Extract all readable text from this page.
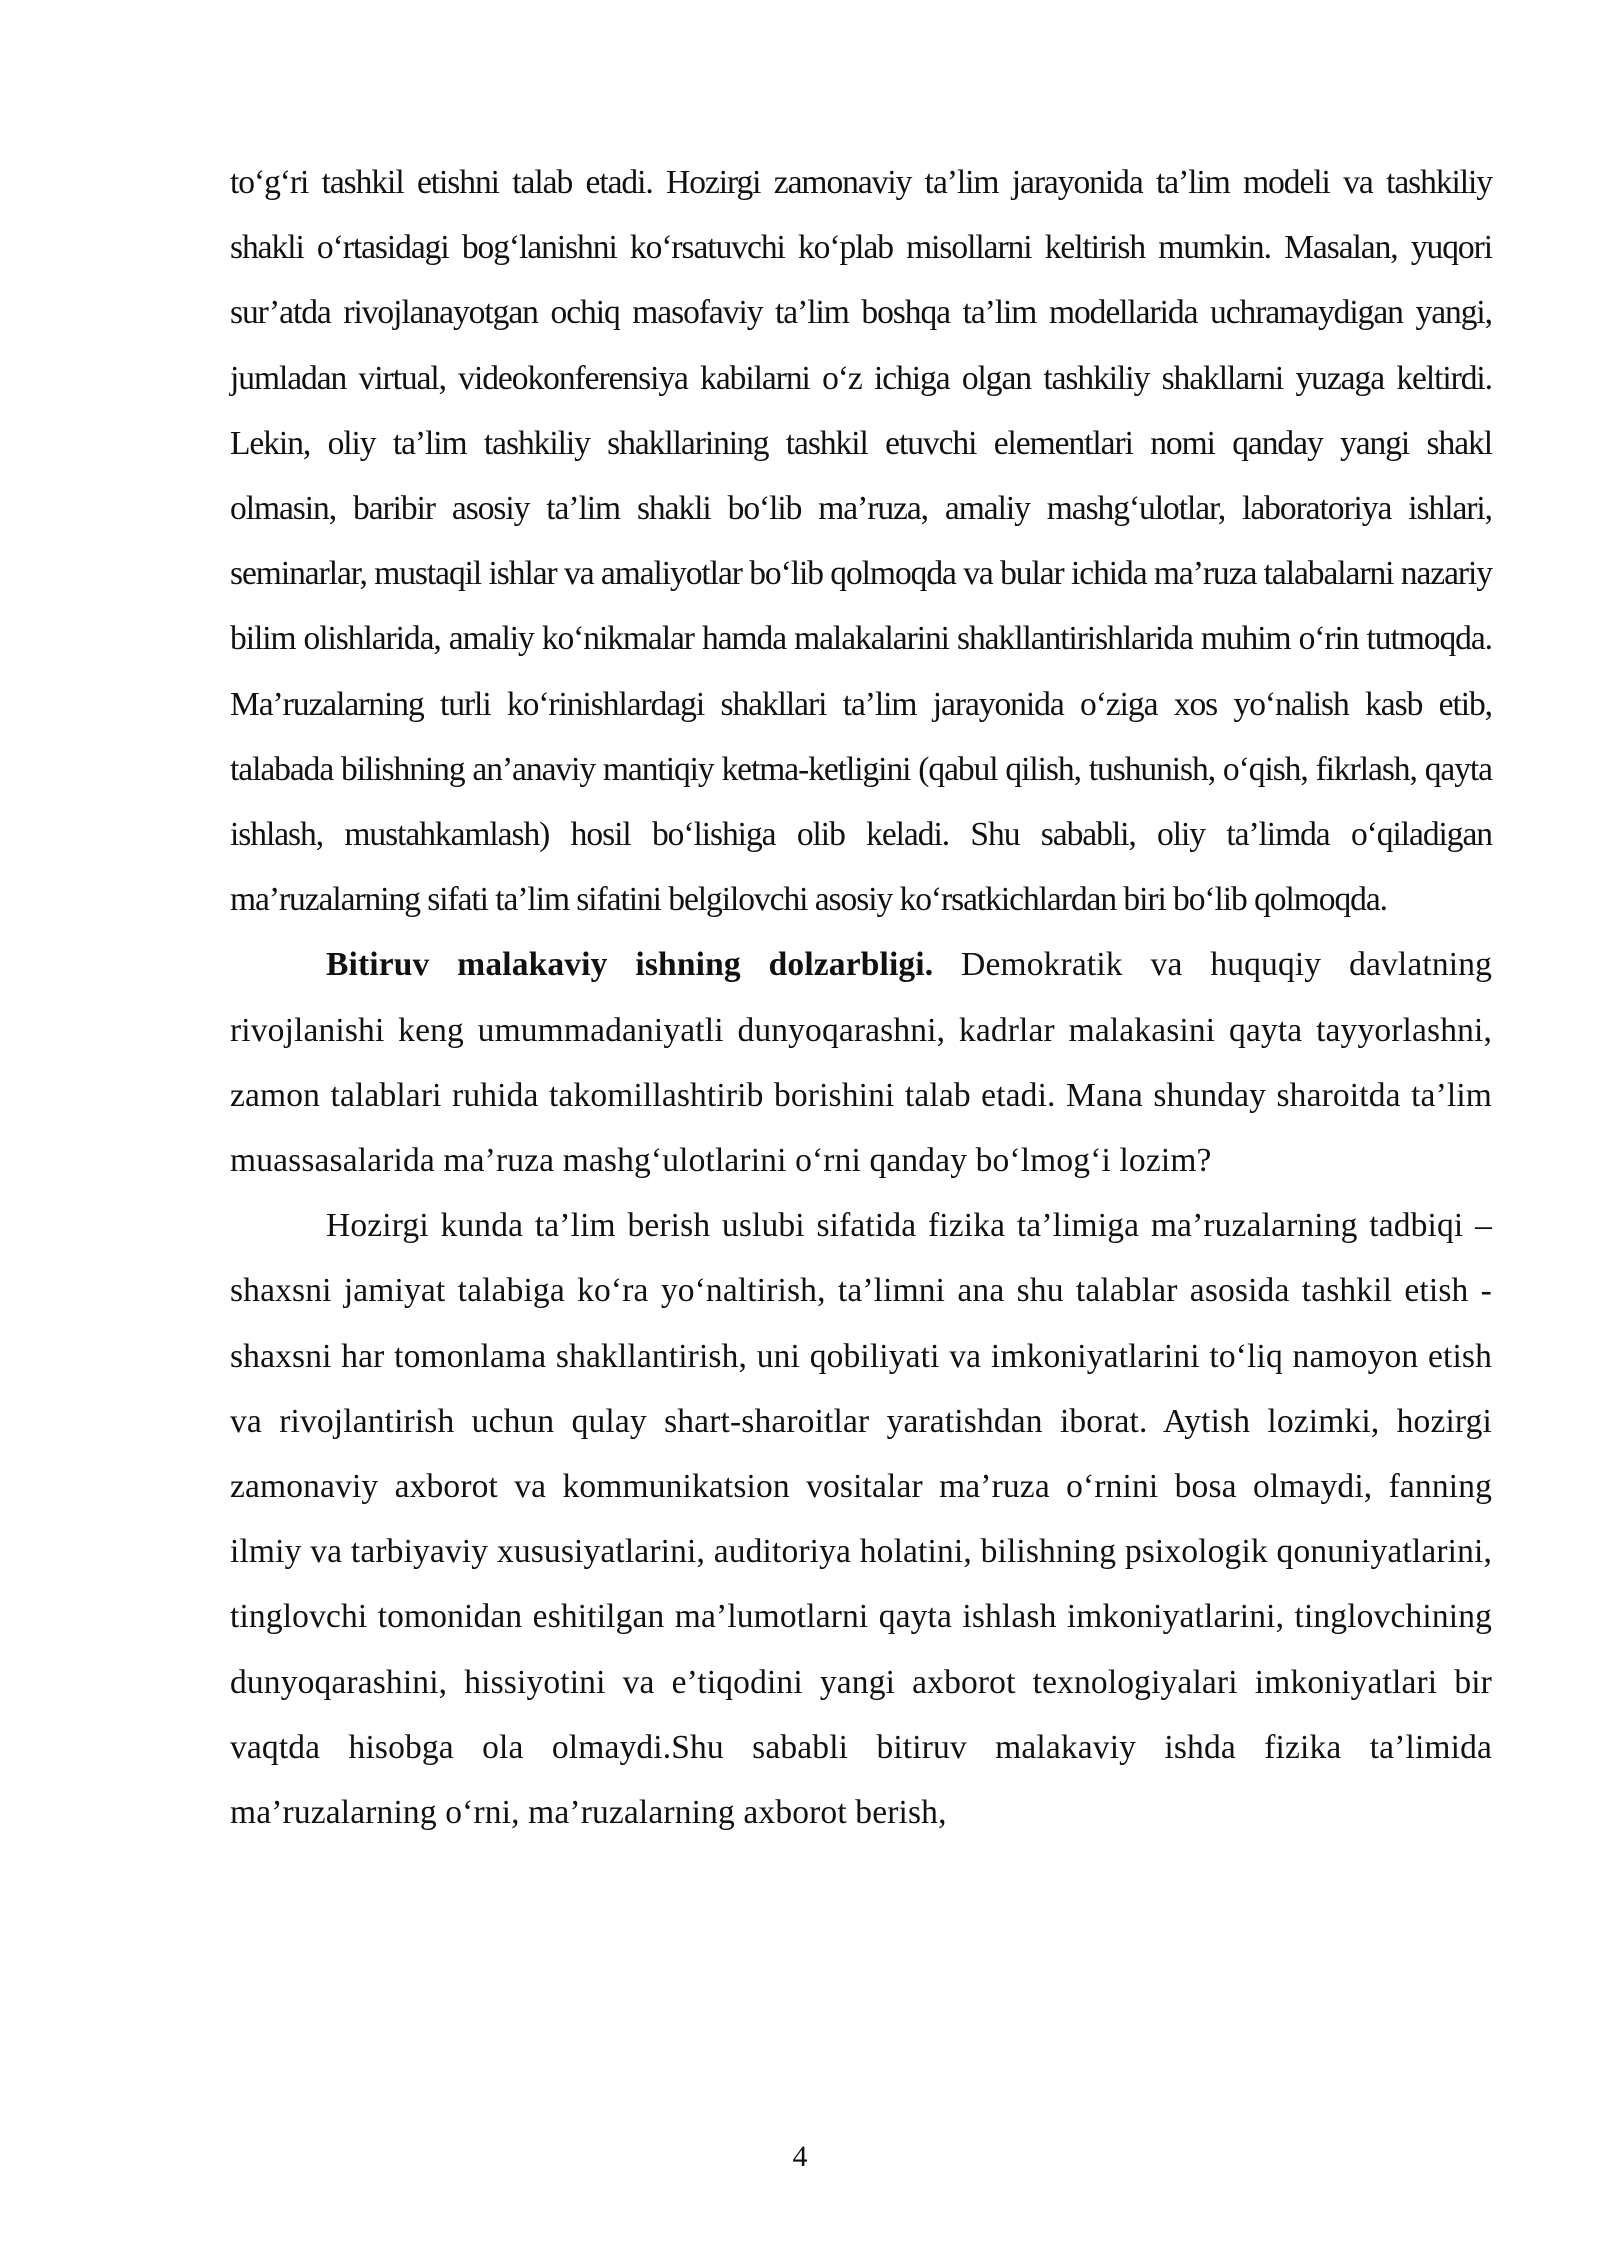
to‘g‘ri tashkil etishni talab etadi. Hozirgi zamonaviy ta’lim jarayonida ta’lim modeli va tashkiliy shakli o‘rtasidagi bog‘lanishni ko‘rsatuvchi ko‘plab misollarni keltirish mumkin. Masalan, yuqori sur’atda rivojlanayotgan ochiq masofaviy ta’lim boshqa ta’lim modellarida uchramaydigan yangi, jumladan virtual, videokonferensiya kabilarni o‘z ichiga olgan tashkiliy shakllarni yuzaga keltirdi. Lekin, oliy ta’lim tashkiliy shakllarining tashkil etuvchi elementlari nomi qanday yangi shakl olmasin, baribir asosiy ta’lim shakli bo‘lib ma’ruza, amaliy mashg‘ulotlar, laboratoriya ishlari, seminarlar, mustaqil ishlar va amaliyotlar bo‘lib qolmoqda va bular ichida ma’ruza talabalarni nazariy bilim olishlarida, amaliy ko‘nikmalar hamda malakalarini shakllantirishlarida muhim o‘rin tutmoqda. Ma’ruzalarning turli ko‘rinishlardagi shakllari ta’lim jarayonida o‘ziga xos yo‘nalish kasb etib, talabada bilishning an’anaviy mantiqiy ketma-ketligini (qabul qilish, tushunish, o‘qish, fikrlash, qayta ishlash, mustahkamlash) hosil bo‘lishiga olib keladi. Shu sababli, oliy ta’limda o‘qiladigan ma’ruzalarning sifati ta’lim sifatini belgilovchi asosiy ko‘rsatkichlardan biri bo‘lib qolmoqda.

Bitiruv malakaviy ishning dolzarbligi. Demokratik va huquqiy davlatning rivojlanishi keng umummadaniyatli dunyoqarashni, kadrlar malakasini qayta tayyorlashni, zamon talablari ruhida takomillashtirib borishini talab etadi. Mana shunday sharoitda ta’lim muassasalarida ma’ruza mashg‘ulotlarini o‘rni qanday bo‘lmog‘i lozim?

Hozirgi kunda ta’lim berish uslubi sifatida fizika ta’limiga ma’ruzalarning tadbiqi – shaxsni jamiyat talabiga ko‘ra yo‘naltirish, ta’limni ana shu talablar asosida tashkil etish - shaxsni har tomonlama shakllantirish, uni qobiliyati va imkoniyatlarini to‘liq namoyon etish va rivojlantirish uchun qulay shart-sharoitlar yaratishdan iborat. Aytish lozimki, hozirgi zamonaviy axborot va kommunikatsion vositalar ma’ruza o‘rnini bosa olmaydi, fanning ilmiy va tarbiyaviy xususiyatlarini, auditoriya holatini, bilishning psixologik qonuniyatlarini, tinglovchi tomonidan eshitilgan ma’lumotlarni qayta ishlash imkoniyatlarini, tinglovchining dunyoqarashini, hissiyotini va e’tiqodini yangi axborot texnologiyalari imkoniyatlari bir vaqtda hisobga ola olmaydi.Shu sababli bitiruv malakaviy ishda fizika ta’limida ma’ruzalarning o‘rni, ma’ruzalarning axborot berish,

4
